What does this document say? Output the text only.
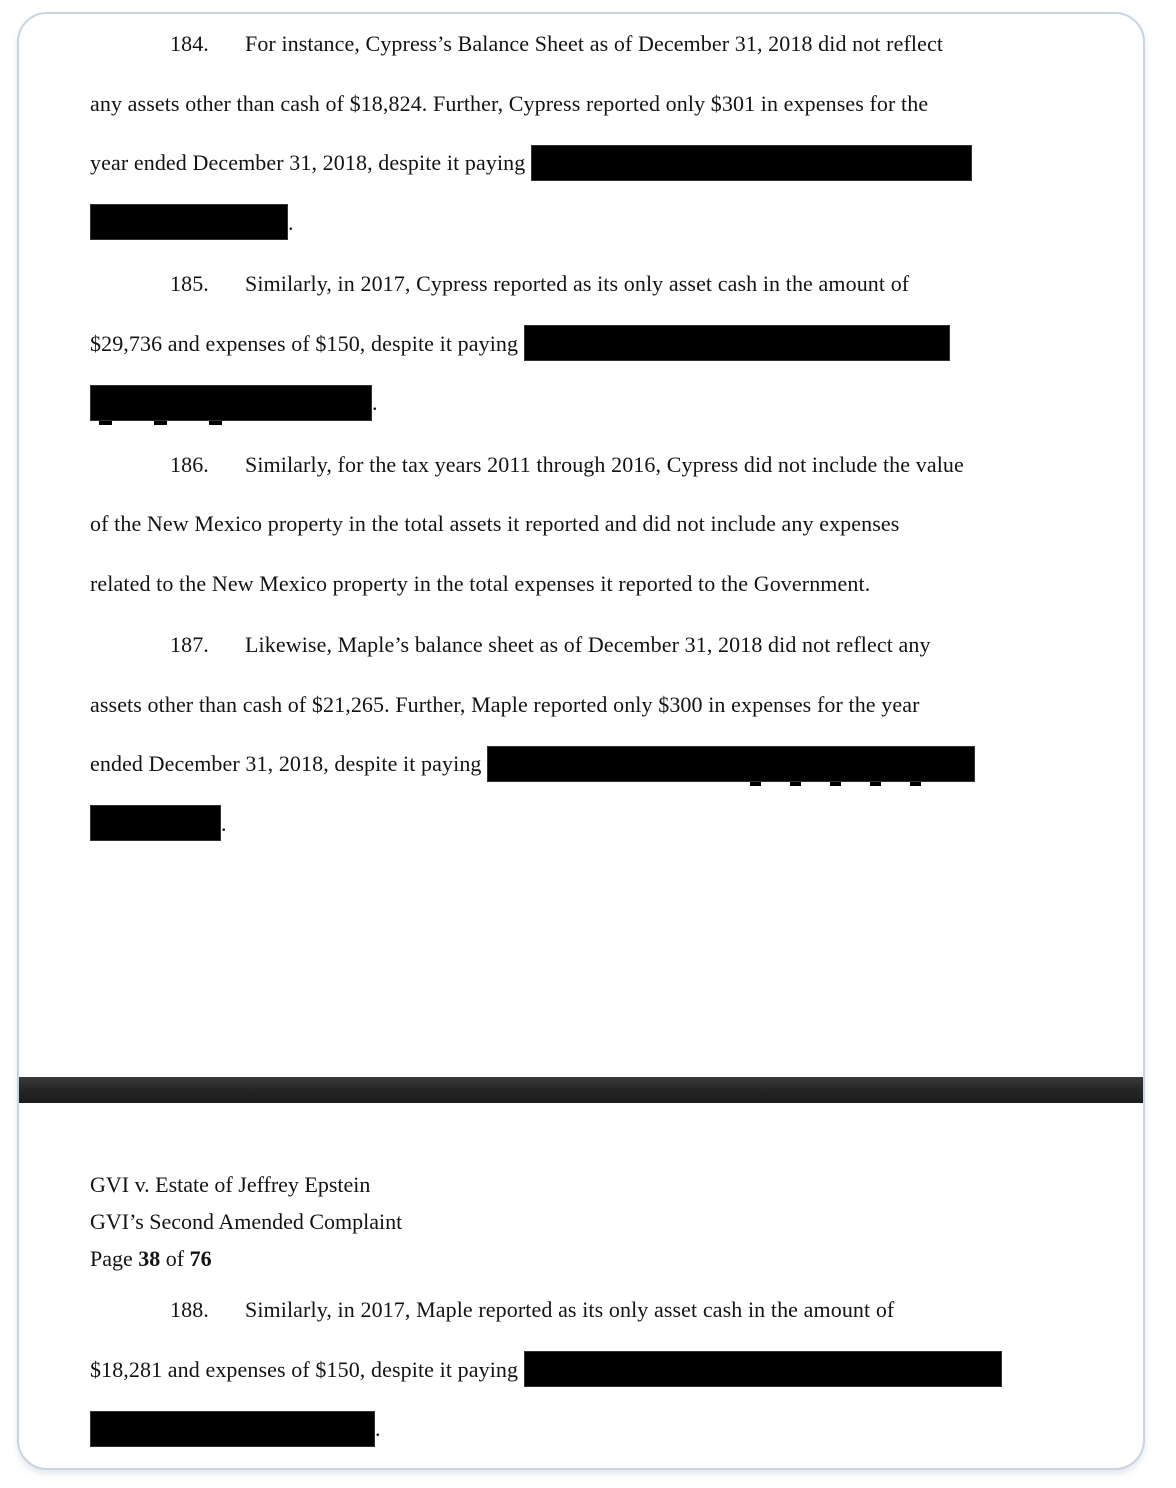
184. For instance, Cypress’s Balance Sheet as of December 31, 2018 did not reflect
any assets other than cash of $18,824. Further, Cypress reported only $301 in expenses for the
year ended December 31, 2018, despite it paying
.
185. Similarly, in 2017, Cypress reported as its only asset cash in the amount of
$29,736 and expenses of $150, despite it paying
.
186. Similarly, for the tax years 2011 through 2016, Cypress did not include the value
of the New Mexico property in the total assets it reported and did not include any expenses
related to the New Mexico property in the total expenses it reported to the Government.
187. Likewise, Maple’s balance sheet as of December 31, 2018 did not reflect any
assets other than cash of $21,265. Further, Maple reported only $300 in expenses for the year
ended December 31, 2018, despite it paying
.
GVI v. Estate of Jeffrey Epstein
GVI’s Second Amended Complaint
Page 38 of 76
188. Similarly, in 2017, Maple reported as its only asset cash in the amount of
$18,281 and expenses of $150, despite it paying
.
